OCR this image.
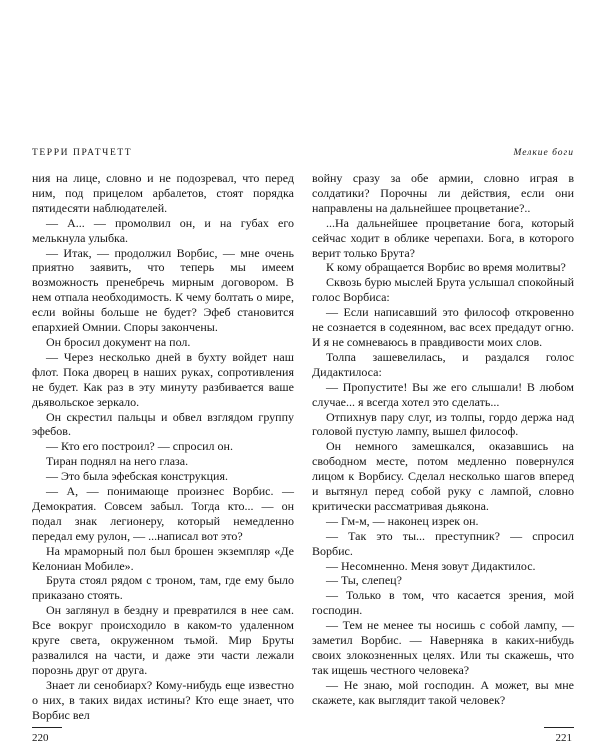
ТЕРРИ ПРАТЧЕТТ

ния на лице, словно и не подозревал, что перед ним, под прицелом арбалетов, стоят порядка пятидесяти наблюдателей.

— А... — промолвил он, и на губах его мелькнула улыбка.

— Итак, — продолжил Ворбис, — мне очень приятно заявить, что теперь мы имеем возможность пренебречь мирным договором. В нем отпала необходимость. К чему болтать о мире, если войны больше не будет? Эфеб становится епархией Омнии. Споры закончены.

Он бросил документ на пол.

— Через несколько дней в бухту войдет наш флот. Пока дворец в наших руках, сопротивления не будет. Как раз в эту минуту разбивается ваше дьявольское зеркало.

Он скрестил пальцы и обвел взглядом группу эфебов.

— Кто его построил? — спросил он.

Тиран поднял на него глаза.

— Это была эфебская конструкция.

— А, — понимающе произнес Ворбис. — Демократия. Совсем забыл. Тогда кто... — он подал знак легионеру, который немедленно передал ему рулон, — ...написал вот это?

На мраморный пол был брошен экземпляр «Де Келониан Мобиле».

Брута стоял рядом с троном, там, где ему было приказано стоять.

Он заглянул в бездну и превратился в нее сам. Все вокруг происходило в каком-то удаленном круге света, окруженном тьмой. Мир Бруты развалился на части, и даже эти части лежали порознь друг от друга.

Знает ли сенобиарх? Кому-нибудь еще известно о них, в таких видах истины? Кто еще знает, что Ворбис вел

220
Мелкие боги

войну сразу за обе армии, словно играя в солдатики? Порочны ли действия, если они направлены на дальнейшее процветание?..

...На дальнейшее процветание бога, который сейчас ходит в облике черепахи. Бога, в которого верит только Брута?

К кому обращается Ворбис во время молитвы?

Сквозь бурю мыслей Брута услышал спокойный голос Ворбиса:

— Если написавший это философ откровенно не сознается в содеянном, вас всех предадут огню. И я не сомневаюсь в правдивости моих слов.

Толпа зашевелилась, и раздался голос Дидактилоса:

— Пропустите! Вы же его слышали! В любом случае... я всегда хотел это сделать...

Отпихнув пару слуг, из толпы, гордо держа над головой пустую лампу, вышел философ.

Он немного замешкался, оказавшись на свободном месте, потом медленно повернулся лицом к Ворбису. Сделал несколько шагов вперед и вытянул перед собой руку с лампой, словно критически рассматривая дьякона.

— Гм-м, — наконец изрек он.

— Так это ты... преступник? — спросил Ворбис.

— Несомненно. Меня зовут Дидактилос.

— Ты, слепец?

— Только в том, что касается зрения, мой господин.

— Тем не менее ты носишь с собой лампу, — заметил Ворбис. — Наверняка в каких-нибудь своих злокозненных целях. Или ты скажешь, что так ищешь честного человека?

— Не знаю, мой господин. А может, вы мне скажете, как выглядит такой человек?

221
